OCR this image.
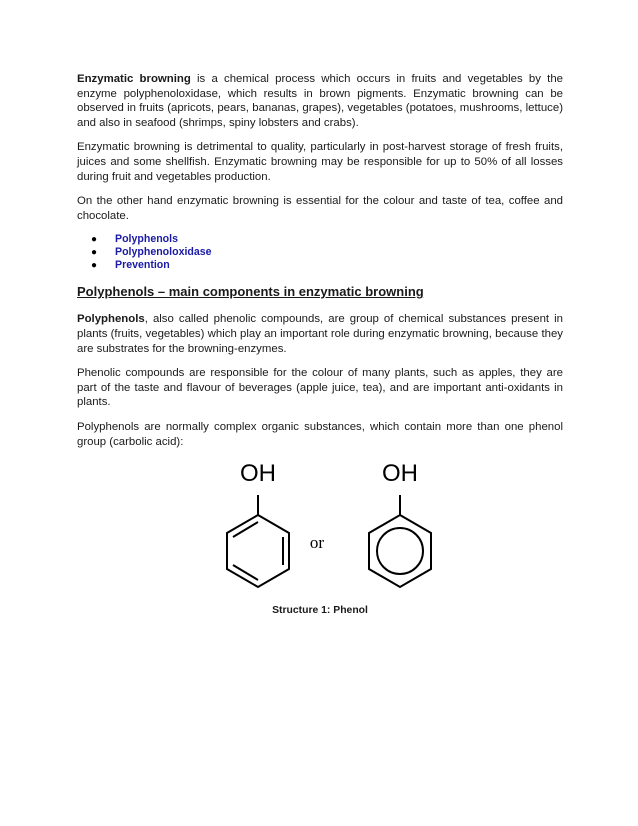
Enzymatic browning is a chemical process which occurs in fruits and vegetables by the enzyme polyphenoloxidase, which results in brown pigments. Enzymatic browning can be observed in fruits (apricots, pears, bananas, grapes), vegetables (potatoes, mushrooms, lettuce) and also in seafood (shrimps, spiny lobsters and crabs).

Enzymatic browning is detrimental to quality, particularly in post-harvest storage of fresh fruits, juices and some shellfish. Enzymatic browning may be responsible for up to 50% of all losses during fruit and vegetables production.

On the other hand enzymatic browning is essential for the colour and taste of tea, coffee and chocolate.

● Polyphenols
● Polyphenoloxidase
● Prevention
Polyphenols – main components in enzymatic browning

Polyphenols, also called phenolic compounds, are group of chemical substances present in plants (fruits, vegetables) which play an important role during enzymatic browning, because they are substrates for the browning-enzymes.

Phenolic compounds are responsible for the colour of many plants, such as apples, they are part of the taste and flavour of beverages (apple juice, tea), and are important anti-oxidants in plants.

Polyphenols are normally complex organic substances, which contain more than one phenol group (carbolic acid):

OH
or
OH
Structure 1: Phenol
